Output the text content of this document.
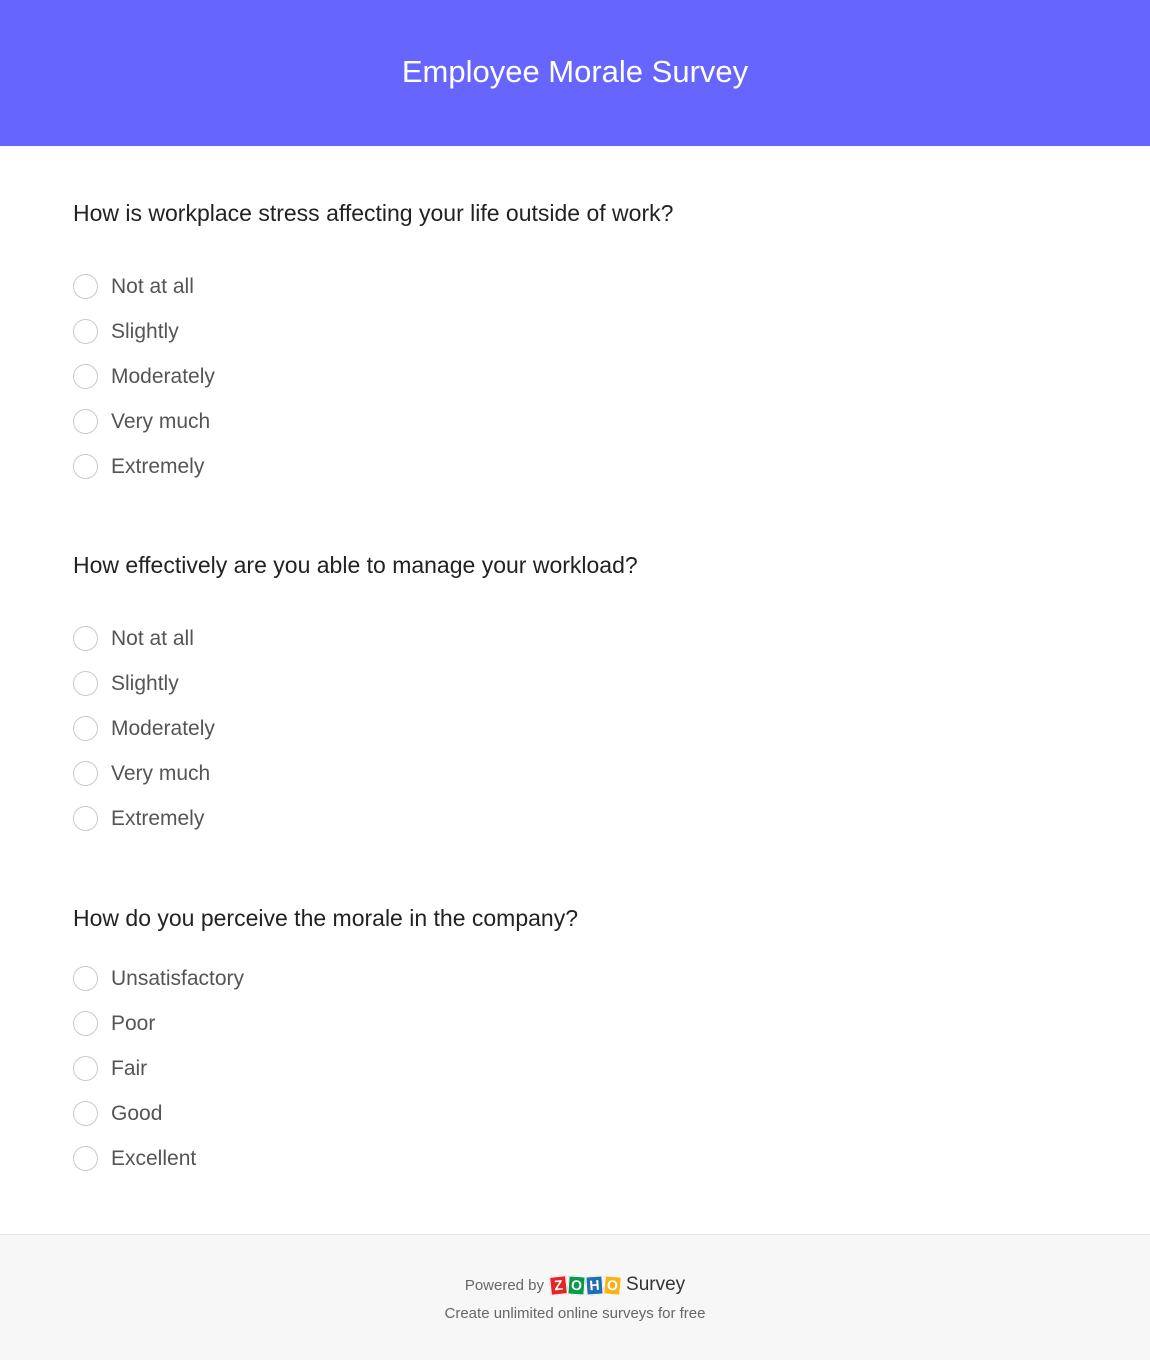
Employee Morale Survey
How is workplace stress affecting your life outside of work?
Not at all
Slightly
Moderately
Very much
Extremely
How effectively are you able to manage your workload?
Not at all
Slightly
Moderately
Very much
Extremely
How do you perceive the morale in the company?
Unsatisfactory
Poor
Fair
Good
Excellent
Powered by Z O H O Survey
Create unlimited online surveys for free
